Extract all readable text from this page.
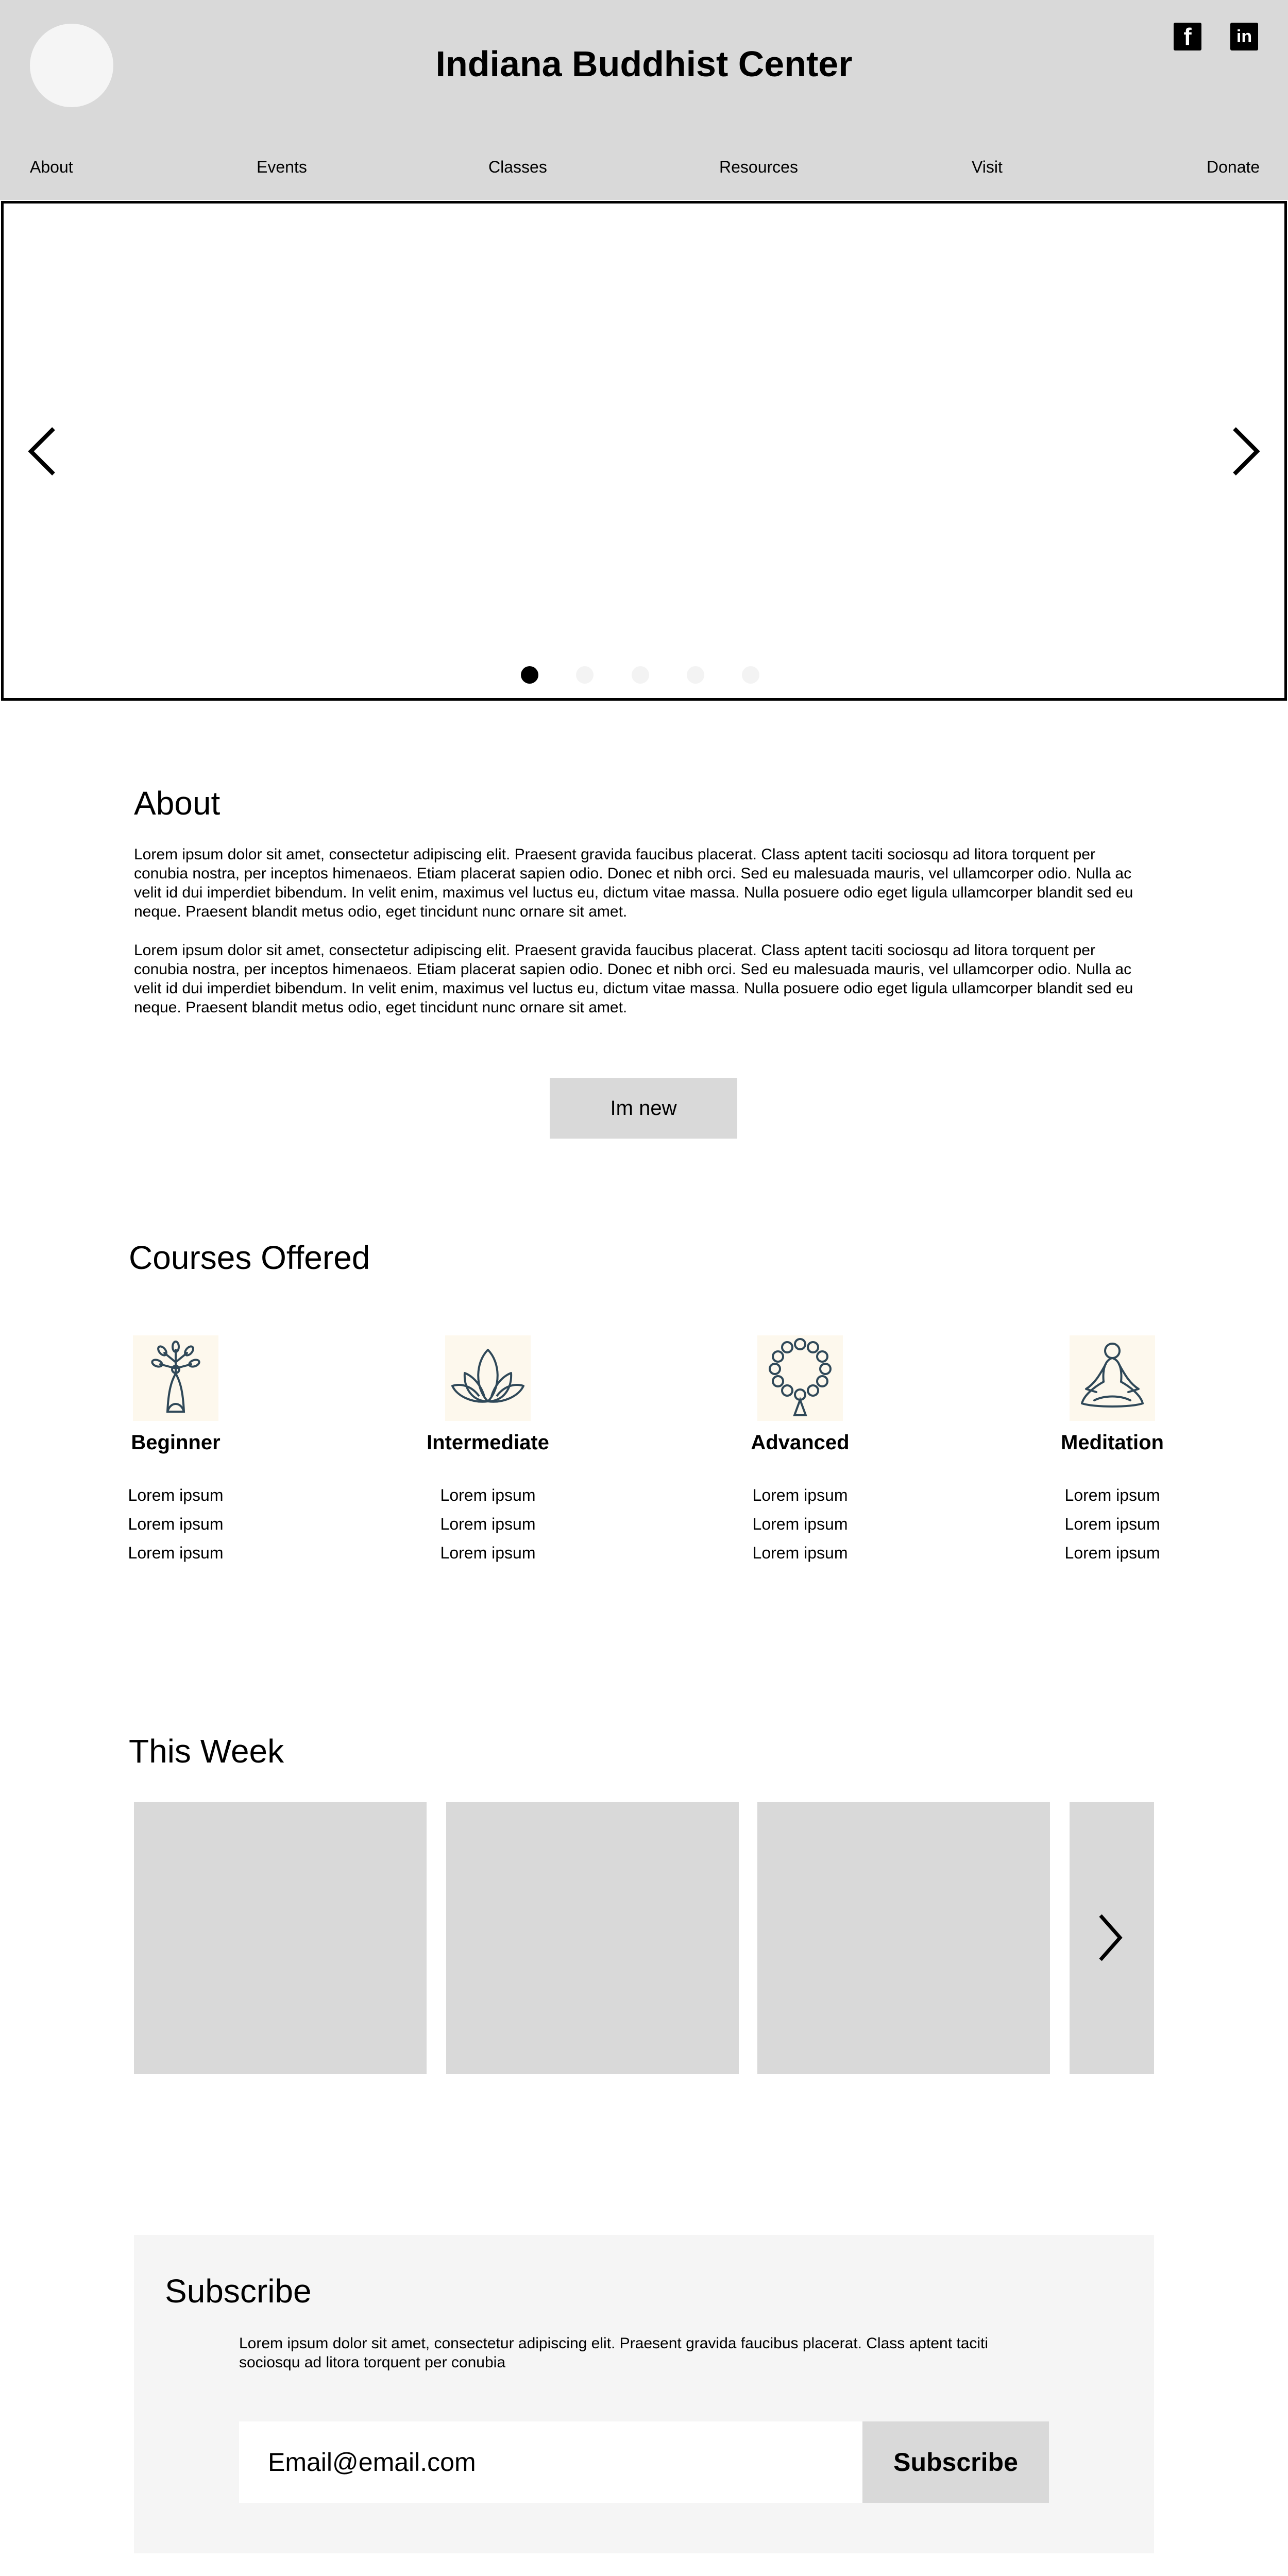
Indiana Buddhist Center
f	in
About	Events	Classes	Resources	Visit	Donate
About

Lorem ipsum dolor sit amet, consectetur adipiscing elit. Praesent gravida faucibus placerat. Class aptent taciti sociosqu ad litora torquent per conubia nostra, per inceptos himenaeos. Etiam placerat sapien odio. Donec et nibh orci. Sed eu malesuada mauris, vel ullamcorper odio. Nulla ac velit id dui imperdiet bibendum. In velit enim, maximus vel luctus eu, dictum vitae massa. Nulla posuere odio eget ligula ullamcorper blandit sed eu neque. Praesent blandit metus odio, eget tincidunt nunc ornare sit amet.

Lorem ipsum dolor sit amet, consectetur adipiscing elit. Praesent gravida faucibus placerat. Class aptent taciti sociosqu ad litora torquent per conubia nostra, per inceptos himenaeos. Etiam placerat sapien odio. Donec et nibh orci. Sed eu malesuada mauris, vel ullamcorper odio. Nulla ac velit id dui imperdiet bibendum. In velit enim, maximus vel luctus eu, dictum vitae massa. Nulla posuere odio eget ligula ullamcorper blandit sed eu neque. Praesent blandit metus odio, eget tincidunt nunc ornare sit amet.

Im new
Courses Offered
Beginner
Lorem ipsum
Lorem ipsum
Lorem ipsum
Intermediate
Lorem ipsum
Lorem ipsum
Lorem ipsum
Advanced
Lorem ipsum
Lorem ipsum
Lorem ipsum
Meditation
Lorem ipsum
Lorem ipsum
Lorem ipsum
This Week
Subscribe
Lorem ipsum dolor sit amet, consectetur adipiscing elit. Praesent gravida faucibus placerat. Class aptent taciti sociosqu ad litora torquent per conubia
Email@email.com	Subscribe
